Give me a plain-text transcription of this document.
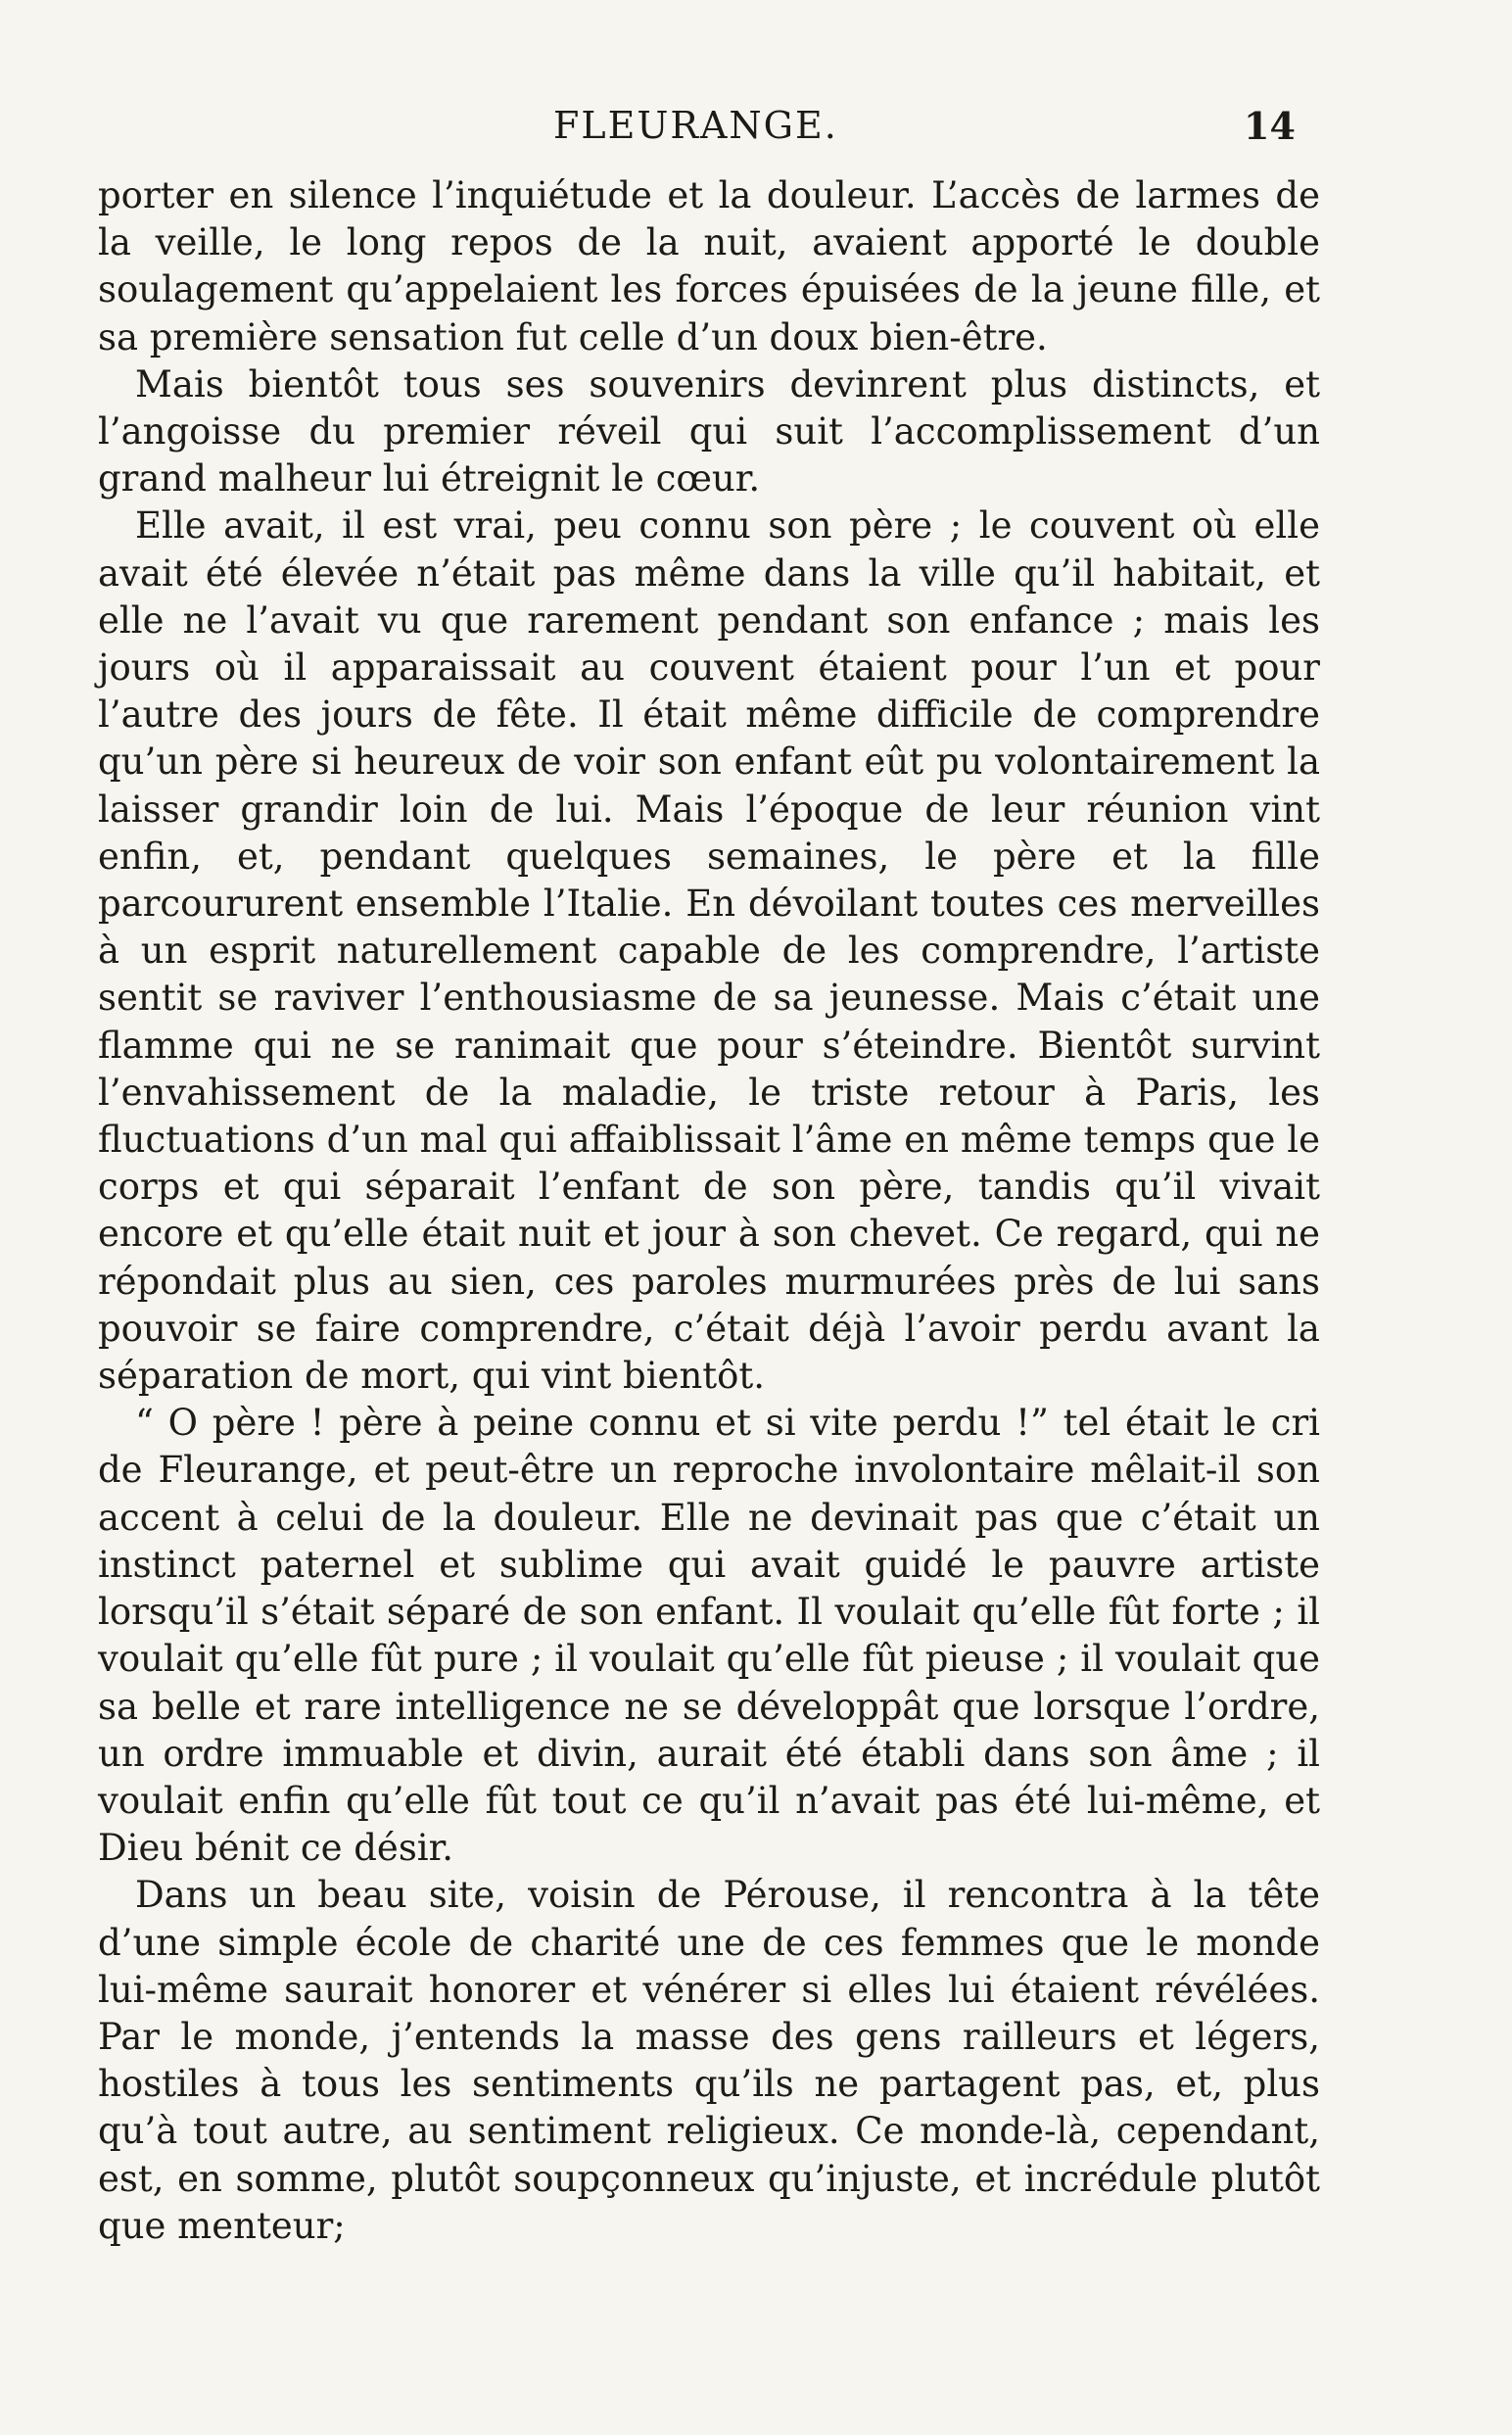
FLEURANGE.	14

porter en silence l’inquiétude et la douleur. L’accès de larmes de la veille, le long repos de la nuit, avaient apporté le double soulagement qu’appelaient les forces épuisées de la jeune fille, et sa première sensation fut celle d’un doux bien-être.

Mais bientôt tous ses souvenirs devinrent plus distincts, et l’angoisse du premier réveil qui suit l’accomplissement d’un grand malheur lui étreignit le cœur.

Elle avait, il est vrai, peu connu son père ; le couvent où elle avait été élevée n’était pas même dans la ville qu’il habitait, et elle ne l’avait vu que rarement pendant son enfance ; mais les jours où il apparaissait au couvent étaient pour l’un et pour l’autre des jours de fête. Il était même difficile de comprendre qu’un père si heureux de voir son enfant eût pu volontairement la laisser grandir loin de lui. Mais l’époque de leur réunion vint enfin, et, pendant quelques semaines, le père et la fille parcoururent ensemble l’Italie. En dévoilant toutes ces merveilles à un esprit naturellement capable de les comprendre, l’artiste sentit se raviver l’enthousiasme de sa jeunesse. Mais c’était une flamme qui ne se ranimait que pour s’éteindre. Bientôt survint l’envahissement de la maladie, le triste retour à Paris, les fluctuations d’un mal qui affaiblissait l’âme en même temps que le corps et qui séparait l’enfant de son père, tandis qu’il vivait encore et qu’elle était nuit et jour à son chevet. Ce regard, qui ne répondait plus au sien, ces paroles murmurées près de lui sans pouvoir se faire comprendre, c’était déjà l’avoir perdu avant la séparation de mort, qui vint bientôt.

“ O père ! père à peine connu et si vite perdu !” tel était le cri de Fleurange, et peut-être un reproche involontaire mêlait-il son accent à celui de la douleur. Elle ne devinait pas que c’était un instinct paternel et sublime qui avait guidé le pauvre artiste lorsqu’il s’était séparé de son enfant. Il voulait qu’elle fût forte ; il voulait qu’elle fût pure ; il voulait qu’elle fût pieuse ; il voulait que sa belle et rare intelligence ne se développât que lorsque l’ordre, un ordre immuable et divin, aurait été établi dans son âme ; il voulait enfin qu’elle fût tout ce qu’il n’avait pas été lui-même, et Dieu bénit ce désir.

Dans un beau site, voisin de Pérouse, il rencontra à la tête d’une simple école de charité une de ces femmes que le monde lui-même saurait honorer et vénérer si elles lui étaient révélées. Par le monde, j’entends la masse des gens railleurs et légers, hostiles à tous les sentiments qu’ils ne partagent pas, et, plus qu’à tout autre, au sentiment religieux. Ce monde-là, cependant, est, en somme, plutôt soupçonneux qu’injuste, et incrédule plutôt que menteur;
